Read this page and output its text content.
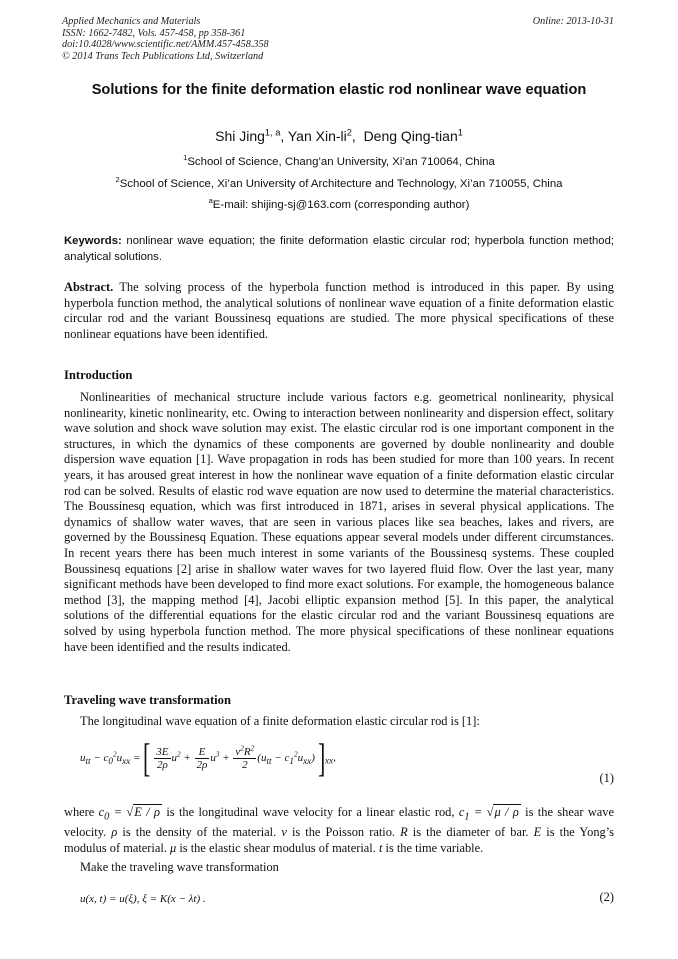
Applied Mechanics and Materials
ISSN: 1662-7482, Vols. 457-458, pp 358-361
doi:10.4028/www.scientific.net/AMM.457-458.358
© 2014 Trans Tech Publications Ltd, Switzerland
Online: 2013-10-31
Solutions for the finite deformation elastic rod nonlinear wave equation
Shi Jing$^{1, a}$, Yan Xin-$li^2$,  Deng Qing-tian$^1$
$^1$School of Science, Chang’an University, Xi’an 710064, China
$^2$School of Science, Xi’an University of Architecture and Technology, Xi’an 710055, China
$^a$E-mail: shijing-sj@163.com (corresponding author)
Keywords: nonlinear wave equation; the finite deformation elastic circular rod; hyperbola function method; analytical solutions.
Abstract. The solving process of the hyperbola function method is introduced in this paper. By using hyperbola function method, the analytical solutions of nonlinear wave equation of a finite deformation elastic circular rod and the variant Boussinesq equations are studied. The more physical specifications of these nonlinear equations have been identified.
Introduction
Nonlinearities of mechanical structure include various factors e.g. geometrical nonlinearity, physical nonlinearity, kinetic nonlinearity, etc. Owing to interaction between nonlinearity and dispersion effect, solitary wave solution and shock wave solution may exist. The elastic circular rod is one important component in the structures, in which the dynamics of these components are governed by double nonlinearity and double dispersion wave equation [1]. Wave propagation in rods has been studied for more than 100 years. In recent years, it has aroused great interest in how the nonlinear wave equation of a finite deformation elastic circular rod can be solved. Results of elastic rod wave equation are now used to determine the material characteristics. The Boussinesq equation, which was first introduced in 1871, arises in several physical applications. The dynamics of shallow water waves, that are seen in various places like sea beaches, lakes and rivers, are governed by the Boussinesq Equation. These equations appear several models under different circumstances. In recent years there has been much interest in some variants of the Boussinesq systems. These coupled Boussinesq equations [2] arise in shallow water waves for two layered fluid flow. Over the last year, many significant methods have been developed to find more exact solutions. For example, the homogeneous balance method [3], the mapping method [4], Jacobi elliptic expansion method [5]. In this paper, the analytical solutions of the differential equations for the elastic circular rod and the variant Boussinesq equations are solved by using hyperbola function method. The more physical specifications of these nonlinear equations have been identified and the results indicated.
Traveling wave transformation
The longitudinal wave equation of a finite deformation elastic circular rod is [1]:
$u_{tt} - c_0^2u_{xx}$ = [ $\frac{3E}{2\rho} u^2 + \frac{E}{2\rho} u^3 + \frac{\nu^2R^2}{2} (u_{tt} - c_1^2u_{xx})$ ]$_{xx}$,
(1)
where $c_0 = √E / \rho$ is the longitudinal wave velocity for a linear elastic rod, $c_1 = √\mu / \rho$ is the shear wave velocity. ρ is the density of the material. ν is the Poisson ratio. R is the diameter of bar. E is the Yong’s modulus of material. μ is the elastic shear modulus of material. t is the time variable.
Make the traveling wave transformation
u(x, t) = u(ξ), ξ = K(x − λt) .	(2)
